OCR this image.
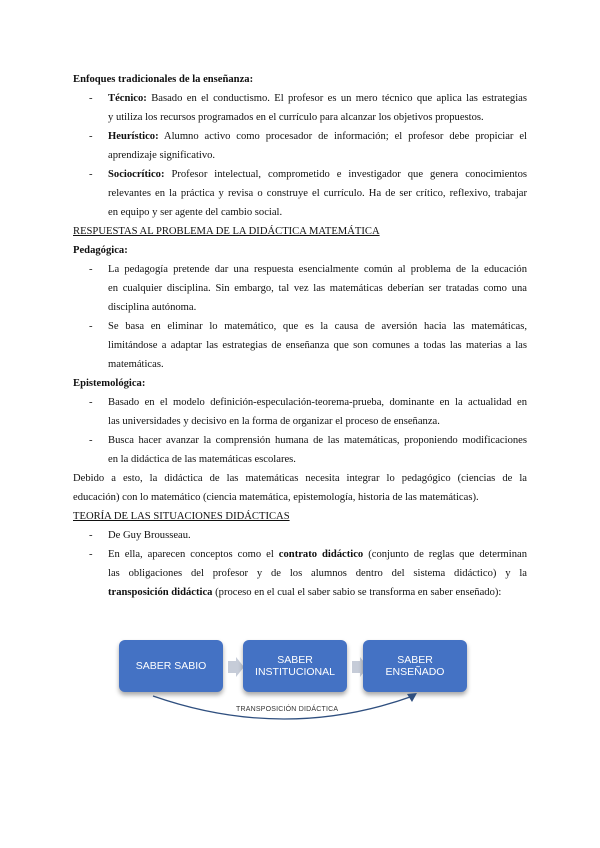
Enfoques tradicionales de la enseñanza:
- Técnico: Basado en el conductismo. El profesor es un mero técnico que aplica las estrategias
y utiliza los recursos programados en el currículo para alcanzar los objetivos propuestos.
- Heurístico: Alumno activo como procesador de información; el profesor debe propiciar el
aprendizaje significativo.
- Sociocrítico: Profesor intelectual, comprometido e investigador que genera conocimientos
relevantes en la práctica y revisa o construye el currículo. Ha de ser crítico, reflexivo, trabajar
en equipo y ser agente del cambio social.
RESPUESTAS AL PROBLEMA DE LA DIDÁCTICA MATEMÁTICA
Pedagógica:
- La pedagogía pretende dar una respuesta esencialmente común al problema de la educación
en cualquier disciplina. Sin embargo, tal vez las matemáticas deberían ser tratadas como una
disciplina autónoma.
- Se basa en eliminar lo matemático, que es la causa de aversión hacia las matemáticas,
limitándose a adaptar las estrategias de enseñanza que son comunes a todas las materias a las
matemáticas.
Epistemológica:
- Basado en el modelo definición-especulación-teorema-prueba, dominante en la actualidad en
las universidades y decisivo en la forma de organizar el proceso de enseñanza.
- Busca hacer avanzar la comprensión humana de las matemáticas, proponiendo modificaciones
en la didáctica de las matemáticas escolares.
Debido a esto, la didáctica de las matemáticas necesita integrar lo pedagógico (ciencias de la
educación) con lo matemático (ciencia matemática, epistemología, historia de las matemáticas).
TEORÍA DE LAS SITUACIONES DIDÁCTICAS
- De Guy Brousseau.
- En ella, aparecen conceptos como el contrato didáctico (conjunto de reglas que determinan
las obligaciones del profesor y de los alumnos dentro del sistema didáctico) y la
transposición didáctica (proceso en el cual el saber sabio se transforma en saber enseñado):
SABER SABIO	SABER
INSTITUCIONAL
SABER
ENSEÑADO
TRANSPOSICIÓN DIDÁCTICA
